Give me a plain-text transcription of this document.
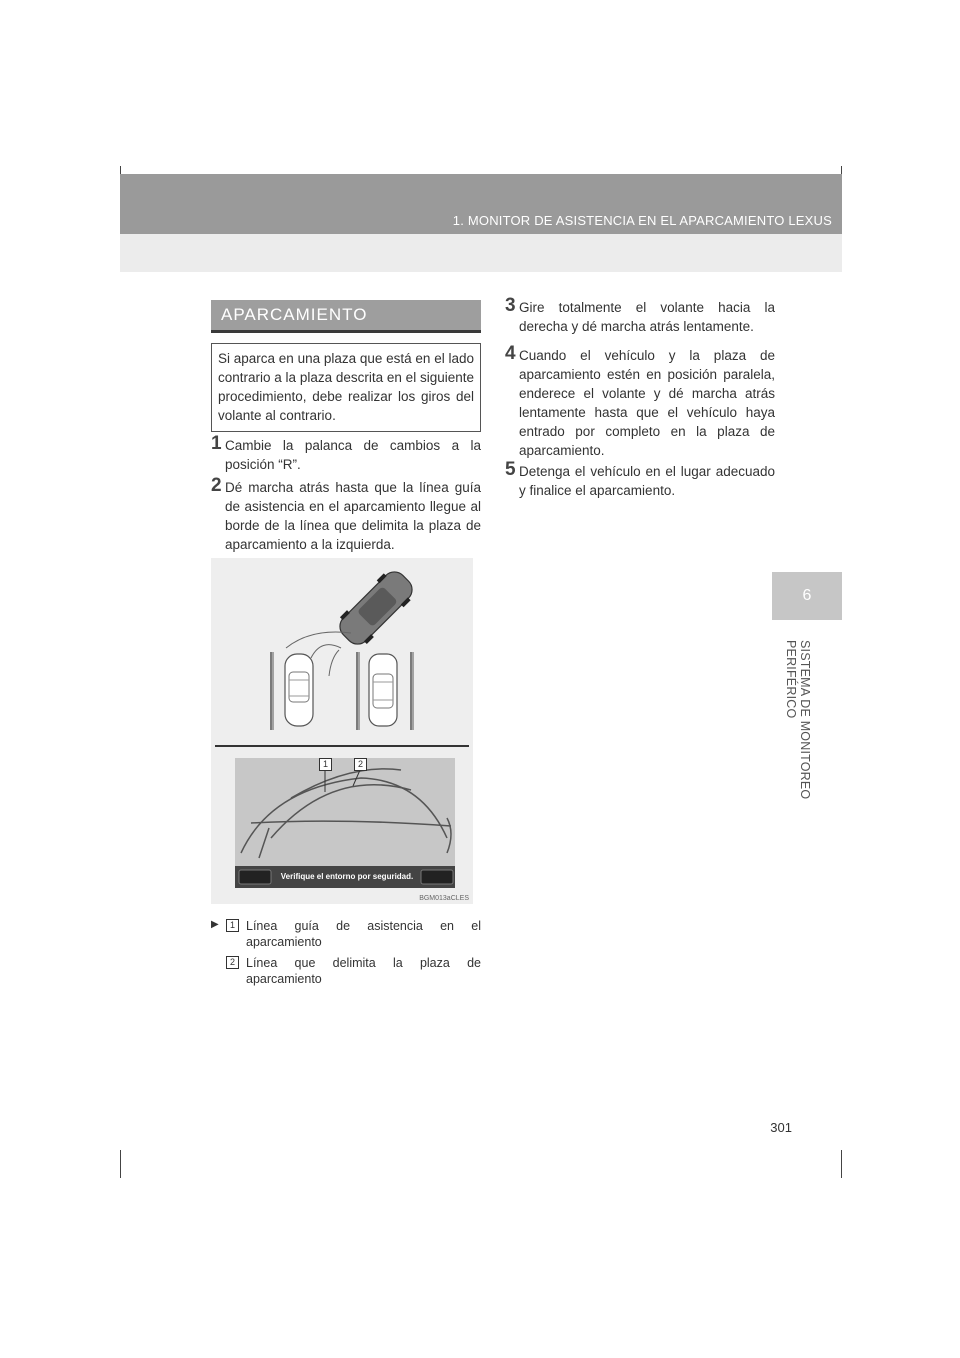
1. MONITOR DE ASISTENCIA EN EL APARCAMIENTO LEXUS
6
SISTEMA DE MONITOREO PERIFÉRICO
APARCAMIENTO
Si aparca en una plaza que está en el lado contrario a la plaza descrita en el siguiente procedimiento, debe realizar los giros del volante al contrario.
1 Cambie la palanca de cambios a la posición “R”.
2 Dé marcha atrás hasta que la línea guía de asistencia en el aparcamiento llegue al borde de la línea que delimita la plaza de aparcamiento a la izquierda.
3 Gire totalmente el volante hacia la derecha y dé marcha atrás lentamente.
4 Cuando el vehículo y la plaza de aparcamiento estén en posición paralela, enderece el volante y dé marcha atrás lentamente hasta que el vehículo haya entrado por completo en la plaza de aparcamiento.
5 Detenga el vehículo en el lugar adecuado y finalice el aparcamiento.
1	2
Verifique el entorno por seguridad.
BGM013aCLES
▶	1 Línea guía de asistencia en el aparcamiento
2 Línea que delimita la plaza de aparcamiento
301
